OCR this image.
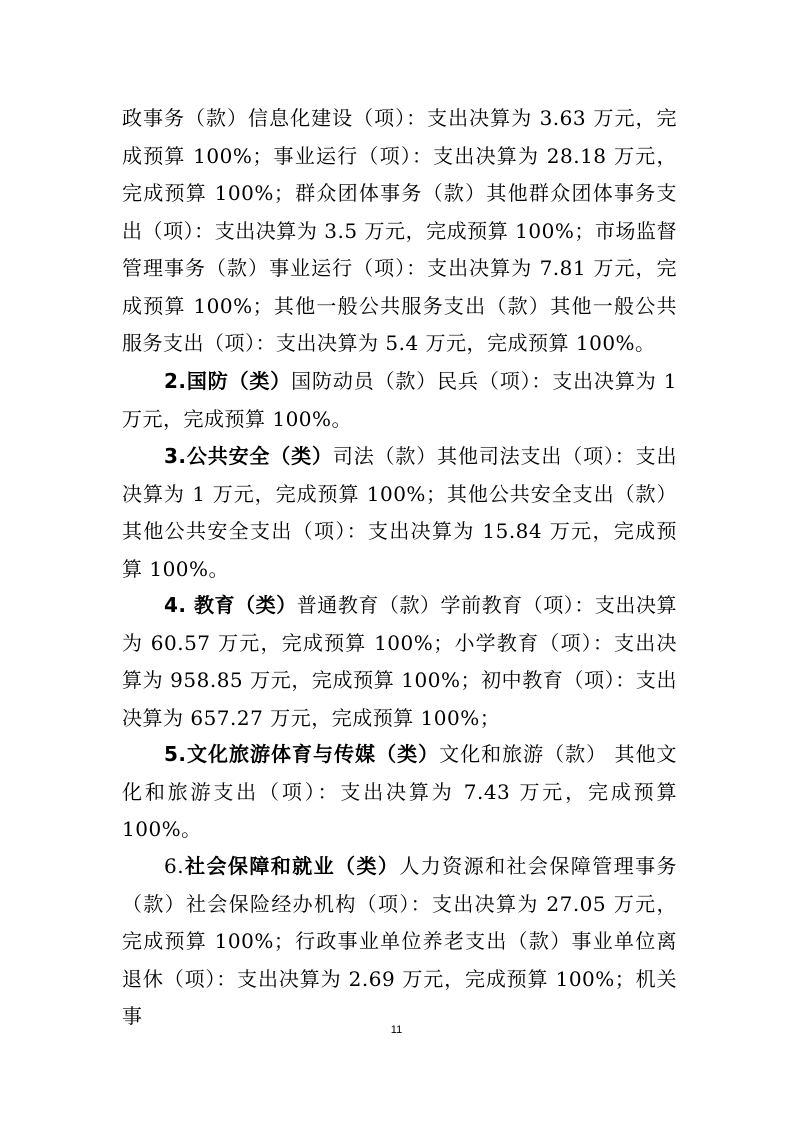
政事务（款）信息化建设（项）：支出决算为 3.63 万元，完成预算 100%；事业运行（项）：支出决算为 28.18 万元，完成预算 100%；群众团体事务（款）其他群众团体事务支出（项）：支出决算为 3.5 万元，完成预算 100%；市场监督管理事务（款）事业运行（项）：支出决算为 7.81 万元，完成预算 100%；其他一般公共服务支出（款）其他一般公共服务支出（项）：支出决算为 5.4 万元，完成预算 100%。

2.国防（类）国防动员（款）民兵（项）：支出决算为 1 万元，完成预算 100%。

3.公共安全（类）司法（款）其他司法支出（项）：支出决算为 1 万元，完成预算 100%；其他公共安全支出（款）其他公共安全支出（项）：支出决算为 15.84 万元，完成预算 100%。

4. 教育（类）普通教育（款）学前教育（项）：支出决算为 60.57 万元，完成预算 100%；小学教育（项）：支出决算为 958.85 万元，完成预算 100%；初中教育（项）：支出决算为 657.27 万元，完成预算 100%；

5.文化旅游体育与传媒（类）文化和旅游（款） 其他文化和旅游支出（项）：支出决算为 7.43 万元，完成预算 100%。

6.社会保障和就业（类）人力资源和社会保障管理事务（款）社会保险经办机构（项）：支出决算为 27.05 万元，完成预算 100%；行政事业单位养老支出（款）事业单位离退休（项）：支出决算为 2.69 万元，完成预算 100%；机关事

11
